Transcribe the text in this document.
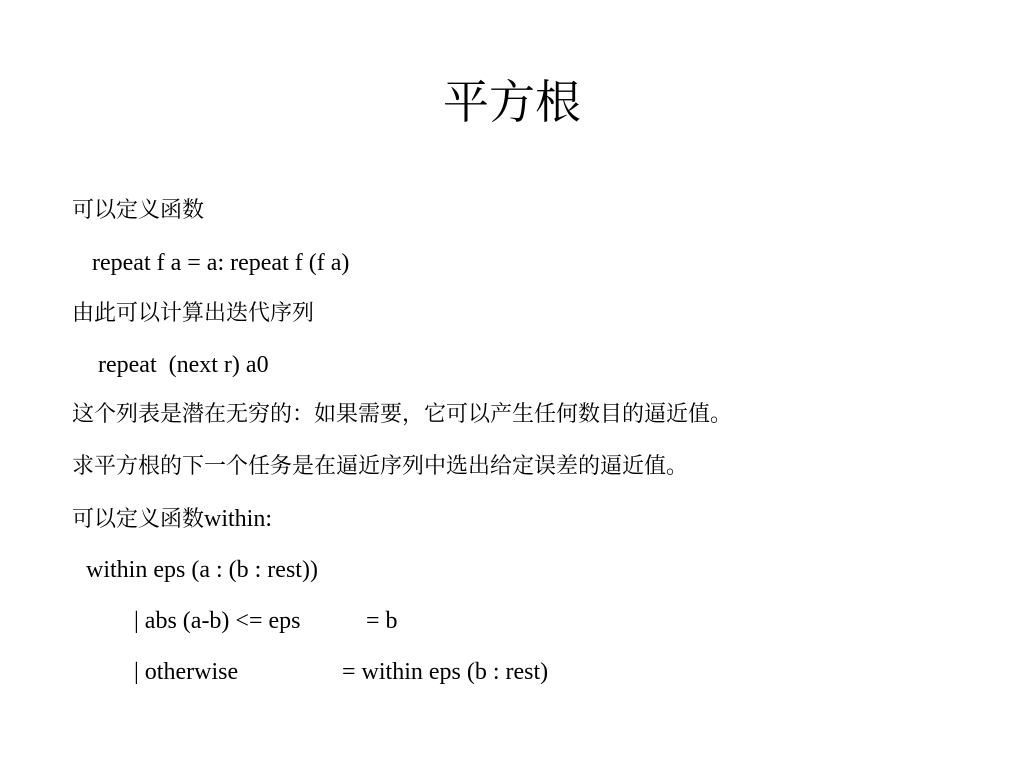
平方根
可以定义函数
repeat f a = a: repeat f (f a)
由此可以计算出迭代序列
repeat  (next r) a0
这个列表是潜在无穷的：如果需要，它可以产生任何数目的逼近值。
求平方根的下一个任务是在逼近序列中选出给定误差的逼近值。
可以定义函数within:
within eps (a : (b : rest))
| abs (a-b) <= eps	= b
| otherwise	= within eps (b : rest)
